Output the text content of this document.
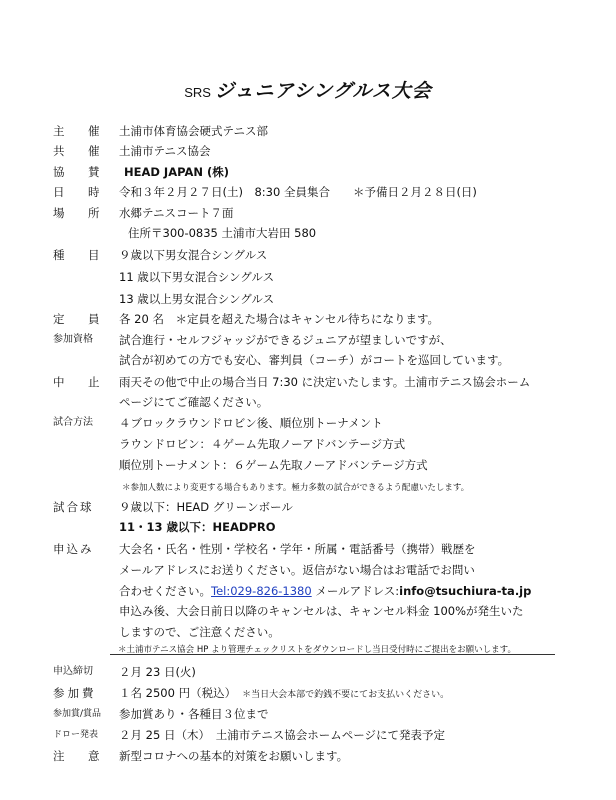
SRS ジュニアシングルス大会
主　催	土浦市体育協会硬式テニス部
共　催	土浦市テニス協会
協　賛	HEAD JAPAN (株)
日　時	令和３年２月２７日(土)　8:30 全員集合　　＊予備日２月２８日(日)
場　所	水郷テニスコート７面
住所〒300-0835 土浦市大岩田 580
種　目	９歳以下男女混合シングルス
11 歳以下男女混合シングルス
13 歳以上男女混合シングルス
定　員	各 20 名　＊定員を超えた場合はキャンセル待ちになります。
参加資格	試合進行・セルフジャッジができるジュニアが望ましいですが、
試合が初めての方でも安心、審判員（コーチ）がコートを巡回しています。
中　止	雨天その他で中止の場合当日 7:30 に決定いたします。土浦市テニス協会ホーム
ページにてご確認ください。
試合方法	４ブロックラウンドロビン後、順位別トーナメント
ラウンドロビン：４ゲーム先取ノーアドバンテージ方式
順位別トーナメント：６ゲーム先取ノーアドバンテージ方式
＊参加人数により変更する場合もあります。極力多数の試合ができるよう配慮いたします。
試合球	９歳以下：HEAD グリーンボール
11・13 歳以下：HEADPRO
申込み	大会名・氏名・性別・学校名・学年・所属・電話番号（携帯）戦歴を
メールアドレスにお送りください。返信がない場合はお電話でお問い
合わせください。Tel:029-826-1380 メールアドレス:info@tsuchiura-ta.jp
申込み後、大会日前日以降のキャンセルは、キャンセル料金 100%が発生いた
しますので、ご注意ください。
＊土浦市テニス協会 HP より管理チェックリストをダウンロードし当日受付時にご提出をお願いします。
申込締切	２月 23 日(火)
参加費	１名 2500 円（税込） ＊当日大会本部で釣銭不要にてお支払いください。
参加賞/賞品	参加賞あり・各種目３位まで
ドロー発表	２月 25 日（木）　土浦市テニス協会ホームページにて発表予定
注　意	新型コロナへの基本的対策をお願いします。
